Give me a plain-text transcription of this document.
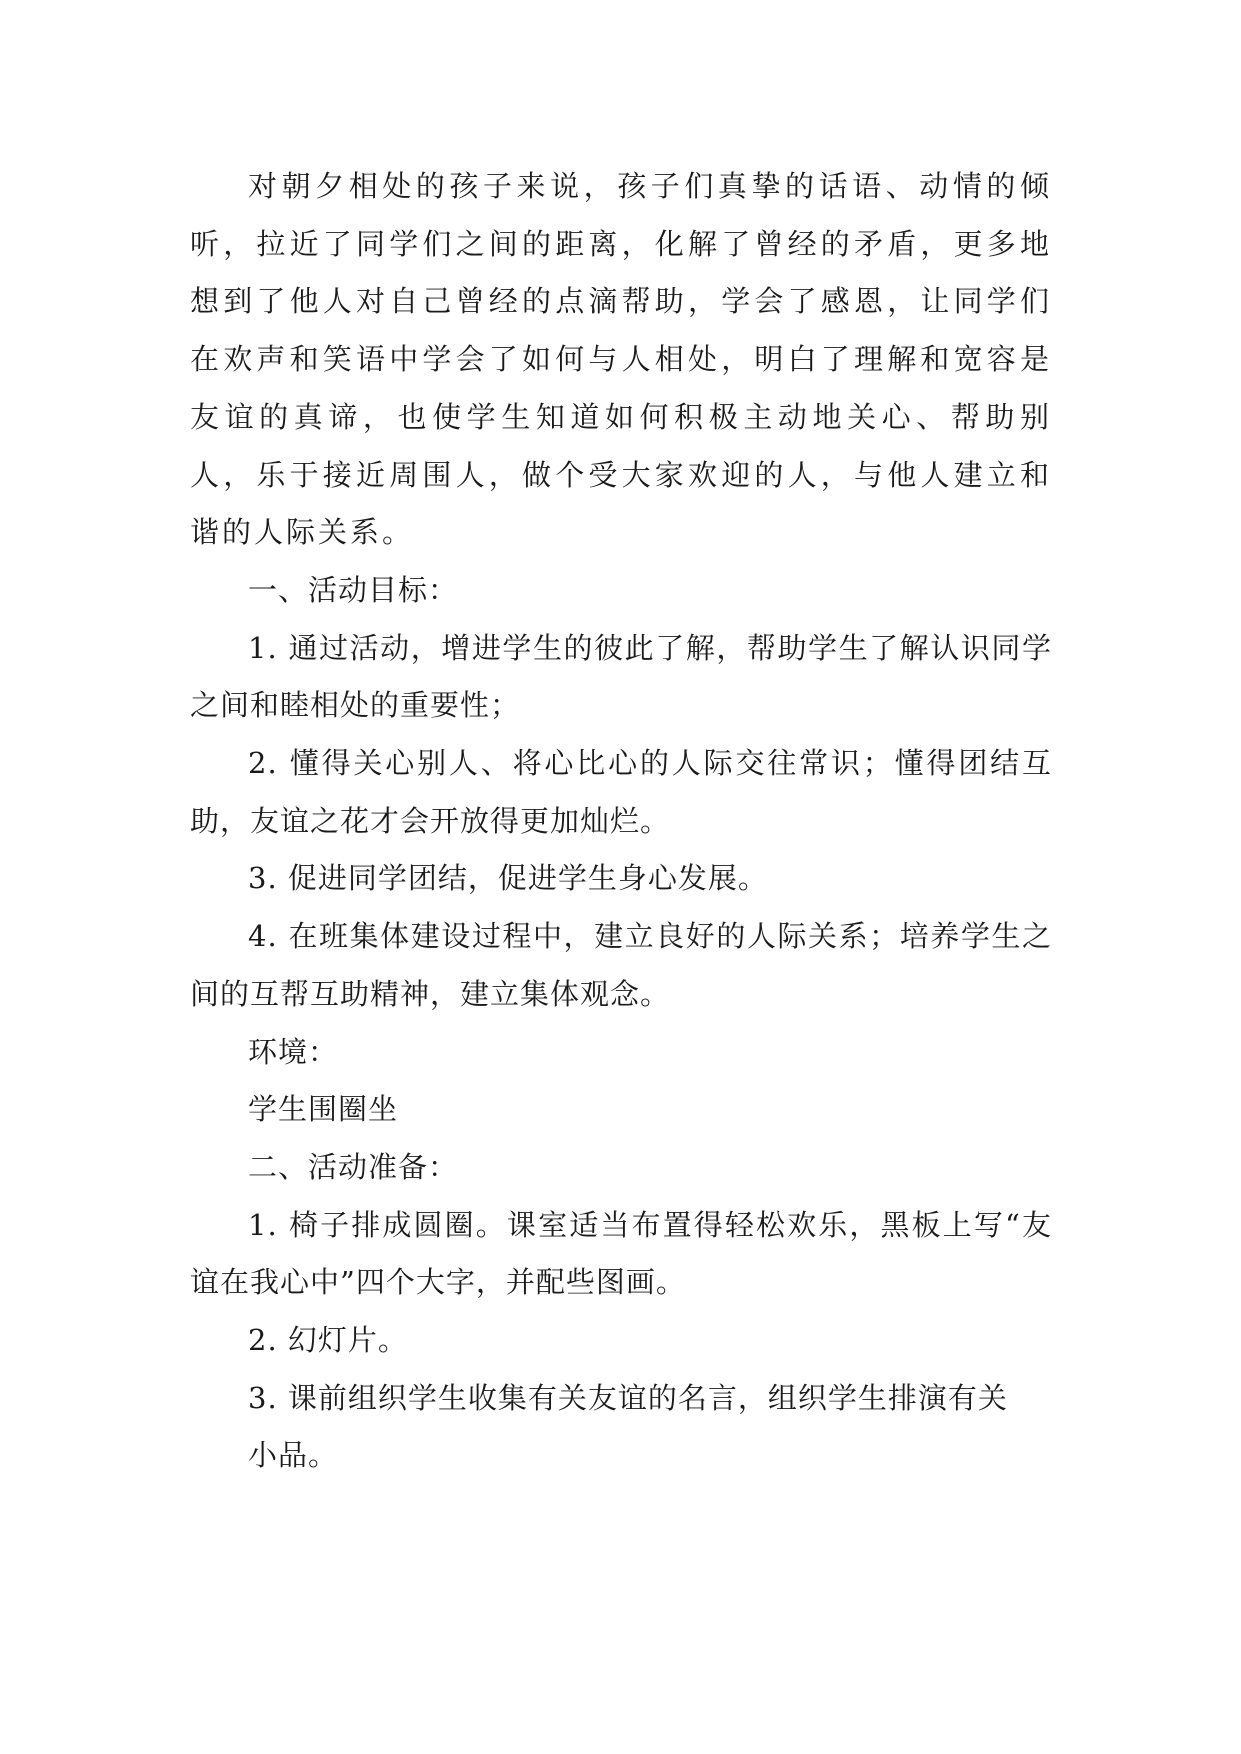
对朝夕相处的孩子来说，孩子们真挚的话语、动情的倾听，拉近了同学们之间的距离，化解了曾经的矛盾，更多地想到了他人对自己曾经的点滴帮助，学会了感恩，让同学们在欢声和笑语中学会了如何与人相处，明白了理解和宽容是友谊的真谛，也使学生知道如何积极主动地关心、帮助别人，乐于接近周围人，做个受大家欢迎的人，与他人建立和谐的人际关系。

一、活动目标：

1. 通过活动，增进学生的彼此了解，帮助学生了解认识同学之间和睦相处的重要性；

2. 懂得关心别人、将心比心的人际交往常识；懂得团结互助，友谊之花才会开放得更加灿烂。

3. 促进同学团结，促进学生身心发展。

4. 在班集体建设过程中，建立良好的人际关系；培养学生之间的互帮互助精神，建立集体观念。

环境：

学生围圈坐

二、活动准备：

1. 椅子排成圆圈。课室适当布置得轻松欢乐，黑板上写“友谊在我心中”四个大字，并配些图画。

2. 幻灯片。

3. 课前组织学生收集有关友谊的名言，组织学生排演有关

小品。
